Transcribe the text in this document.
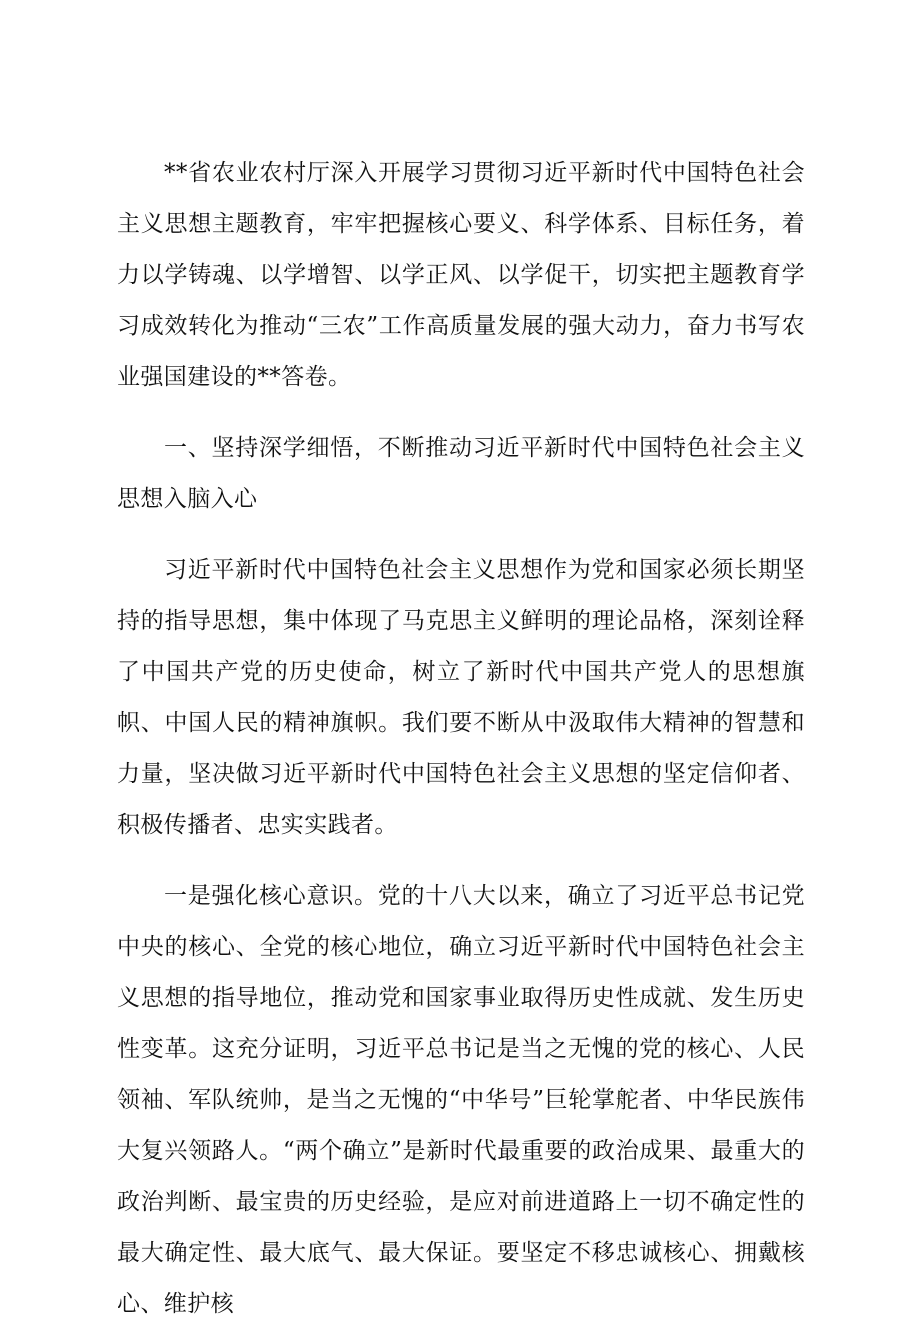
**省农业农村厅深入开展学习贯彻习近平新时代中国特色社会主义思想主题教育，牢牢把握核心要义、科学体系、目标任务，着力以学铸魂、以学增智、以学正风、以学促干，切实把主题教育学习成效转化为推动“三农”工作高质量发展的强大动力，奋力书写农业强国建设的**答卷。

一、坚持深学细悟，不断推动习近平新时代中国特色社会主义思想入脑入心

习近平新时代中国特色社会主义思想作为党和国家必须长期坚持的指导思想，集中体现了马克思主义鲜明的理论品格，深刻诠释了中国共产党的历史使命，树立了新时代中国共产党人的思想旗帜、中国人民的精神旗帜。我们要不断从中汲取伟大精神的智慧和力量，坚决做习近平新时代中国特色社会主义思想的坚定信仰者、积极传播者、忠实实践者。

一是强化核心意识。党的十八大以来，确立了习近平总书记党中央的核心、全党的核心地位，确立习近平新时代中国特色社会主义思想的指导地位，推动党和国家事业取得历史性成就、发生历史性变革。这充分证明，习近平总书记是当之无愧的党的核心、人民领袖、军队统帅，是当之无愧的“中华号”巨轮掌舵者、中华民族伟大复兴领路人。“两个确立”是新时代最重要的政治成果、最重大的政治判断、最宝贵的历史经验，是应对前进道路上一切不确定性的最大确定性、最大底气、最大保证。要坚定不移忠诚核心、拥戴核心、维护核
